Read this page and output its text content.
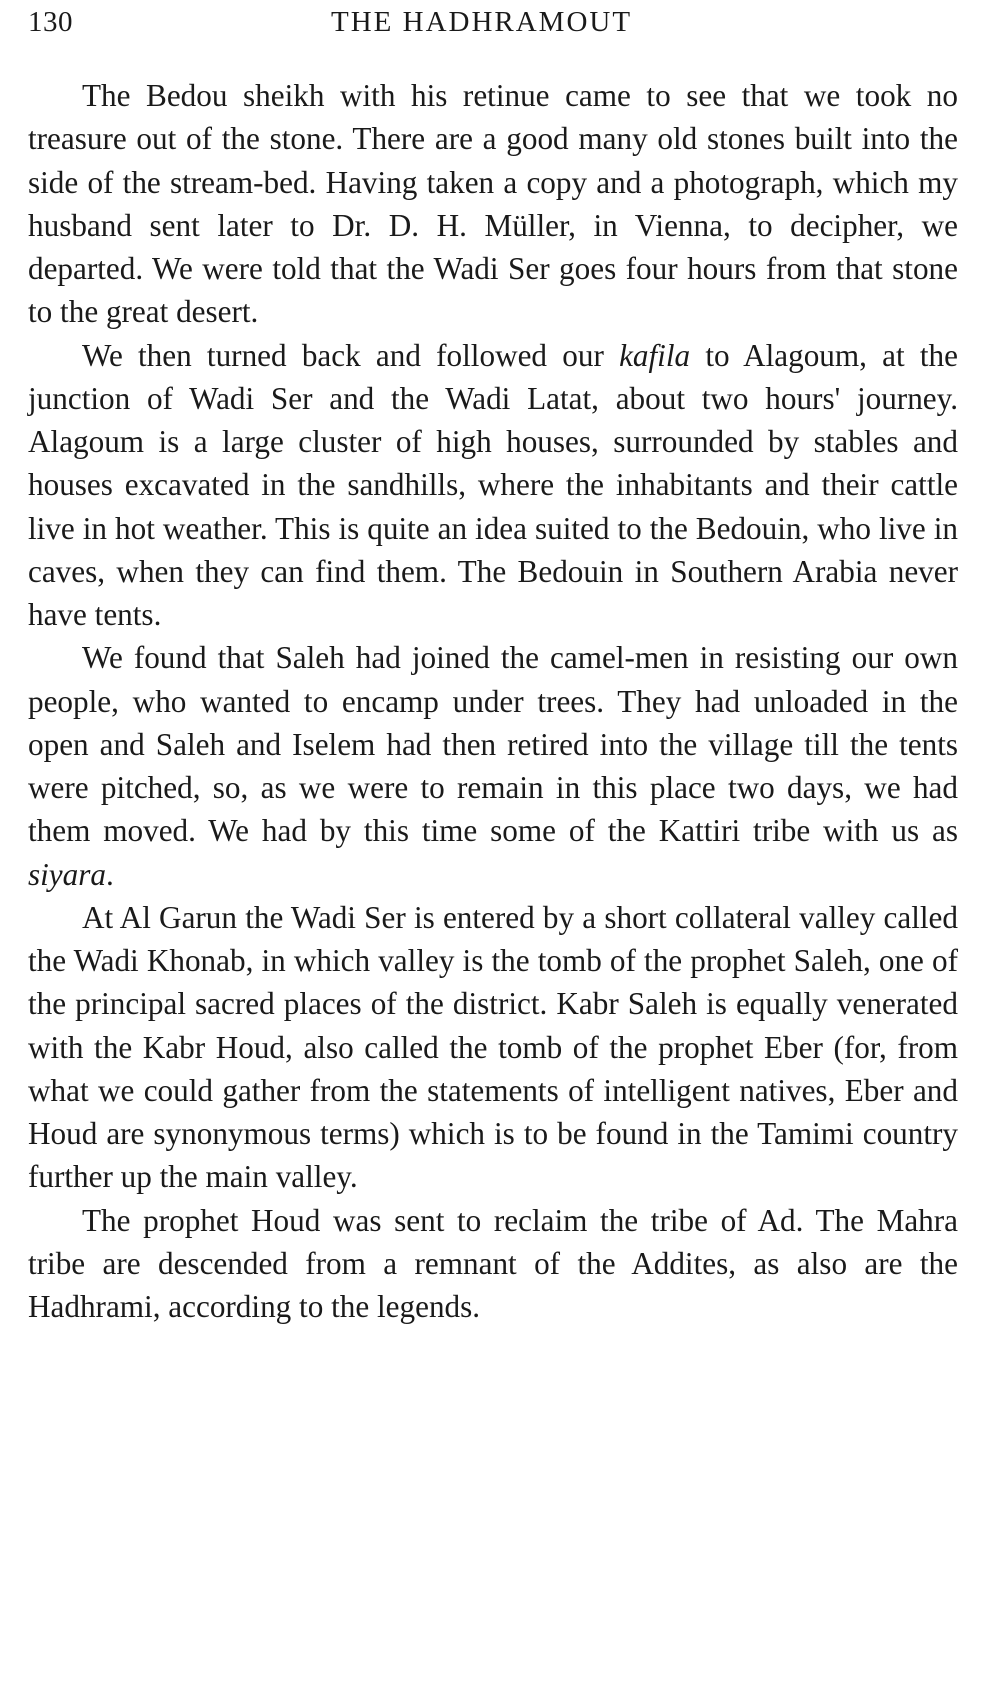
130	THE HADHRAMOUT

The Bedou sheikh with his retinue came to see that we took no treasure out of the stone. There are a good many old stones built into the side of the stream-bed. Having taken a copy and a photograph, which my husband sent later to Dr. D. H. Müller, in Vienna, to decipher, we departed. We were told that the Wadi Ser goes four hours from that stone to the great desert.

We then turned back and followed our kafila to Alagoum, at the junction of Wadi Ser and the Wadi Latat, about two hours' journey. Alagoum is a large cluster of high houses, surrounded by stables and houses excavated in the sandhills, where the inhabitants and their cattle live in hot weather. This is quite an idea suited to the Bedouin, who live in caves, when they can find them. The Bedouin in Southern Arabia never have tents.

We found that Saleh had joined the camel-men in resisting our own people, who wanted to encamp under trees. They had unloaded in the open and Saleh and Iselem had then retired into the village till the tents were pitched, so, as we were to remain in this place two days, we had them moved. We had by this time some of the Kattiri tribe with us as siyara.

At Al Garun the Wadi Ser is entered by a short collateral valley called the Wadi Khonab, in which valley is the tomb of the prophet Saleh, one of the principal sacred places of the district. Kabr Saleh is equally venerated with the Kabr Houd, also called the tomb of the prophet Eber (for, from what we could gather from the statements of intelligent natives, Eber and Houd are synonymous terms) which is to be found in the Tamimi country further up the main valley.

The prophet Houd was sent to reclaim the tribe of Ad. The Mahra tribe are descended from a remnant of the Addites, as also are the Hadhrami, according to the legends.
